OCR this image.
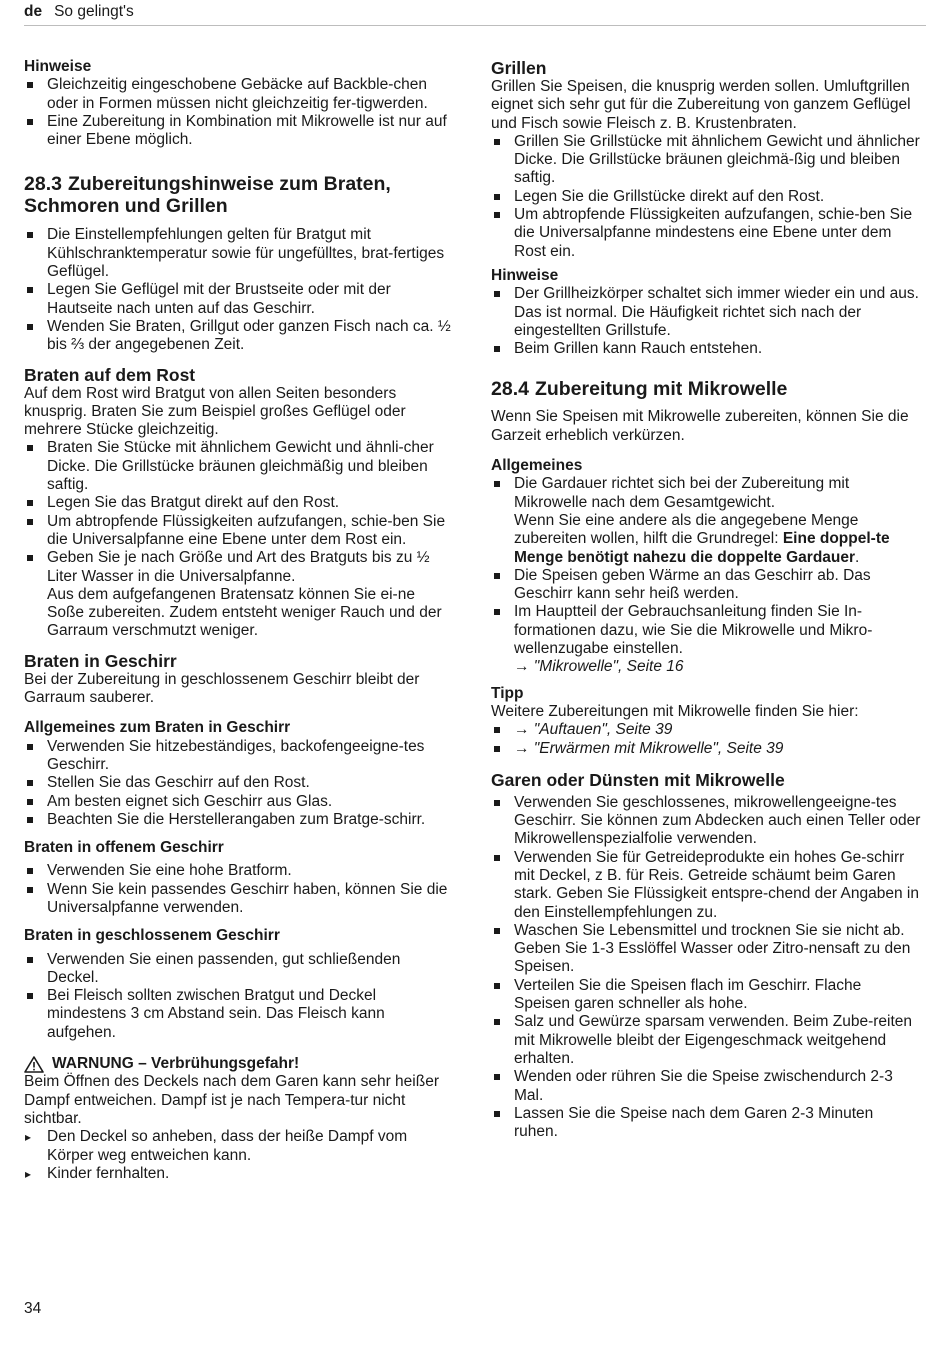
de So gelingt's

Hinweise

Gleichzeitig eingeschobene Gebäcke auf Backble-chen oder in Formen müssen nicht gleichzeitig fer-tigwerden.
Eine Zubereitung in Kombination mit Mikrowelle ist nur auf einer Ebene möglich.

28.3 Zubereitungshinweise zum Braten, Schmoren und Grillen

Die Einstellempfehlungen gelten für Bratgut mit Kühlschranktemperatur sowie für ungefülltes, brat-fertiges Geflügel.
Legen Sie Geflügel mit der Brustseite oder mit der Hautseite nach unten auf das Geschirr.
Wenden Sie Braten, Grillgut oder ganzen Fisch nach ca. ½ bis ⅔ der angegebenen Zeit.

Braten auf dem Rost

Auf dem Rost wird Bratgut von allen Seiten besonders knusprig. Braten Sie zum Beispiel großes Geflügel oder mehrere Stücke gleichzeitig.

Braten Sie Stücke mit ähnlichem Gewicht und ähnli-cher Dicke. Die Grillstücke bräunen gleichmäßig und bleiben saftig.
Legen Sie das Bratgut direkt auf den Rost.
Um abtropfende Flüssigkeiten aufzufangen, schie-ben Sie die Universalpfanne eine Ebene unter dem Rost ein.
Geben Sie je nach Größe und Art des Bratguts bis zu ½ Liter Wasser in die Universalpfanne.
Aus dem aufgefangenen Bratensatz können Sie ei-ne Soße zubereiten. Zudem entsteht weniger Rauch und der Garraum verschmutzt weniger.

Braten in Geschirr

Bei der Zubereitung in geschlossenem Geschirr bleibt der Garraum sauberer.

Allgemeines zum Braten in Geschirr

Verwenden Sie hitzebeständiges, backofengeeigne-tes Geschirr.
Stellen Sie das Geschirr auf den Rost.
Am besten eignet sich Geschirr aus Glas.
Beachten Sie die Herstellerangaben zum Bratge-schirr.

Braten in offenem Geschirr

Verwenden Sie eine hohe Bratform.
Wenn Sie kein passendes Geschirr haben, können Sie die Universalpfanne verwenden.

Braten in geschlossenem Geschirr

Verwenden Sie einen passenden, gut schließenden Deckel.
Bei Fleisch sollten zwischen Bratgut und Deckel mindestens 3 cm Abstand sein. Das Fleisch kann aufgehen.

WARNUNG – Verbrühungsgefahr!

Beim Öffnen des Deckels nach dem Garen kann sehr heißer Dampf entweichen. Dampf ist je nach Tempera-tur nicht sichtbar.

▸ Den Deckel so anheben, dass der heiße Dampf vom Körper weg entweichen kann.
▸ Kinder fernhalten.

Grillen

Grillen Sie Speisen, die knusprig werden sollen. Umluftgrillen eignet sich sehr gut für die Zubereitung von ganzem Geflügel und Fisch sowie Fleisch z. B. Krustenbraten.

Grillen Sie Grillstücke mit ähnlichem Gewicht und ähnlicher Dicke. Die Grillstücke bräunen gleichmä-ßig und bleiben saftig.
Legen Sie die Grillstücke direkt auf den Rost.
Um abtropfende Flüssigkeiten aufzufangen, schie-ben Sie die Universalpfanne mindestens eine Ebene unter dem Rost ein.

Hinweise

Der Grillheizkörper schaltet sich immer wieder ein und aus. Das ist normal. Die Häufigkeit richtet sich nach der eingestellten Grillstufe.
Beim Grillen kann Rauch entstehen.

28.4 Zubereitung mit Mikrowelle

Wenn Sie Speisen mit Mikrowelle zubereiten, können Sie die Garzeit erheblich verkürzen.

Allgemeines

Die Gardauer richtet sich bei der Zubereitung mit Mikrowelle nach dem Gesamtgewicht.
Wenn Sie eine andere als die angegebene Menge zubereiten wollen, hilft die Grundregel: Eine doppel-te Menge benötigt nahezu die doppelte Gardauer.
Die Speisen geben Wärme an das Geschirr ab. Das Geschirr kann sehr heiß werden.
Im Hauptteil der Gebrauchsanleitung finden Sie In-formationen dazu, wie Sie die Mikrowelle und Mikro-wellenzugabe einstellen.
→ "Mikrowelle", Seite 16

Tipp

Weitere Zubereitungen mit Mikrowelle finden Sie hier:

→ "Auftauen", Seite 39
→ "Erwärmen mit Mikrowelle", Seite 39

Garen oder Dünsten mit Mikrowelle

Verwenden Sie geschlossenes, mikrowellengeeigne-tes Geschirr. Sie können zum Abdecken auch einen Teller oder Mikrowellenspezialfolie verwenden.
Verwenden Sie für Getreideprodukte ein hohes Ge-schirr mit Deckel, z B. für Reis. Getreide schäumt beim Garen stark. Geben Sie Flüssigkeit entspre-chend der Angaben in den Einstellempfehlungen zu.
Waschen Sie Lebensmittel und trocknen Sie sie nicht ab. Geben Sie 1-3 Esslöffel Wasser oder Zitro-nensaft zu den Speisen.
Verteilen Sie die Speisen flach im Geschirr. Flache Speisen garen schneller als hohe.
Salz und Gewürze sparsam verwenden. Beim Zube-reiten mit Mikrowelle bleibt der Eigengeschmack weitgehend erhalten.
Wenden oder rühren Sie die Speise zwischendurch 2-3 Mal.
Lassen Sie die Speise nach dem Garen 2-3 Minuten ruhen.
34
